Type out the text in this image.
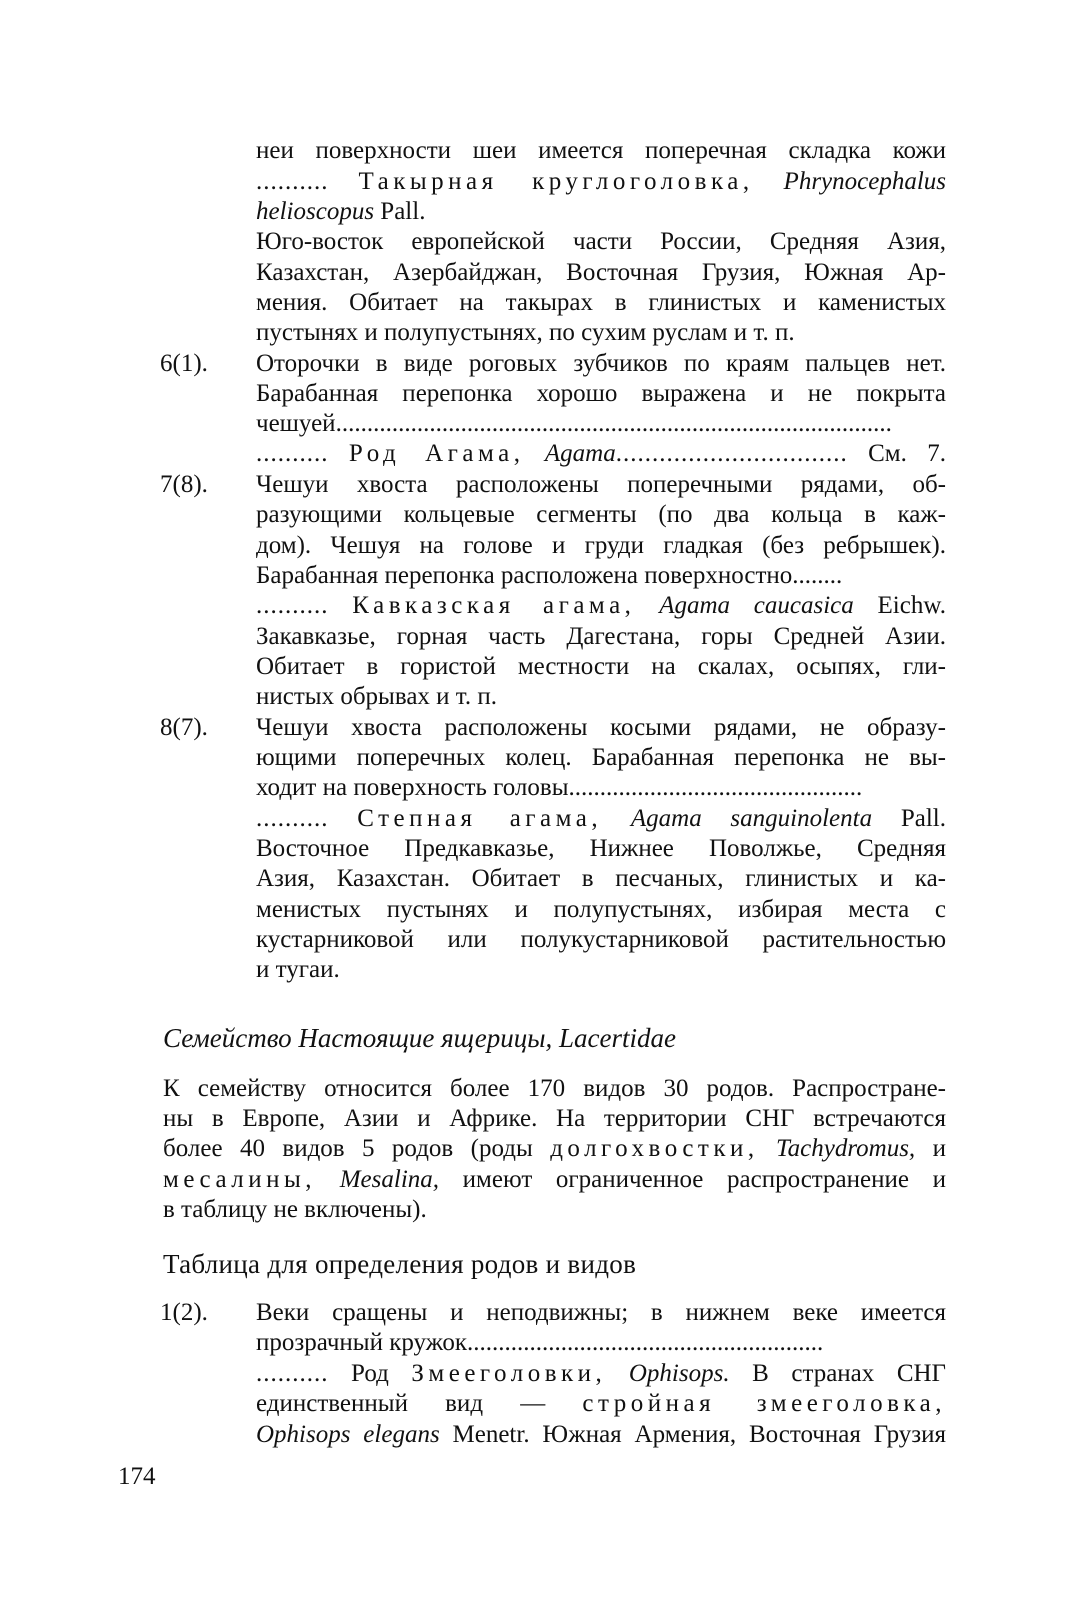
неи поверхности шеи имеется поперечная складка кожи
.......... Такырная круглоголовка, Phrynocephalus
helioscopus Pall.
Юго-восток европейской части России, Средняя Азия,
Казахстан, Азербайджан, Восточная Грузия, Южная Ар-
мения. Обитает на такырах в глинистых и каменистых
пустынях и полупустынях, по сухим руслам и т. п.
6(1). Оторочки в виде роговых зубчиков по краям пальцев нет.
Барабанная перепонка хорошо выражена и не покрыта
чешуей.........................................................................................
.......... Род Агама, Agama................................ См. 7.
7(8). Чешуи хвоста расположены поперечными рядами, об-
разующими кольцевые сегменты (по два кольца в каж-
дом). Чешуя на голове и груди гладкая (без ребрышек).
Барабанная перепонка расположена поверхностно........
.......... Кавказская агама, Agama caucasica Eichw.
Закавказье, горная часть Дагестана, горы Средней Азии.
Обитает в гористой местности на скалах, осыпях, гли-
нистых обрывах и т. п.
8(7). Чешуи хвоста расположены косыми рядами, не образу-
ющими поперечных колец. Барабанная перепонка не вы-
ходит на поверхность головы...............................................
.......... Степная агама, Agama sanguinolenta Pall.
Восточное Предкавказье, Нижнее Поволжье, Средняя
Азия, Казахстан. Обитает в песчаных, глинистых и ка-
менистых пустынях и полупустынях, избирая места с
кустарниковой или полукустарниковой растительностью
и тугаи.
Семейство Настоящие ящерицы, Lacertidae
К семейству относится более 170 видов 30 родов. Распростране-
ны в Европе, Азии и Африке. На территории СНГ встречаются
более 40 видов 5 родов (роды долгохвостки, Tachydromus, и
месалины, Mesalina, имеют ограниченное распространение и
в таблицу не включены).
Таблица для определения родов и видов
1(2). Веки сращены и неподвижны; в нижнем веке имеется
прозрачный кружок.........................................................
.......... Род Змееголовки, Ophisops. В странах СНГ
единственный вид — стройная змееголовка,
Ophisops elegans Menetr. Южная Армения, Восточная Грузия
174
